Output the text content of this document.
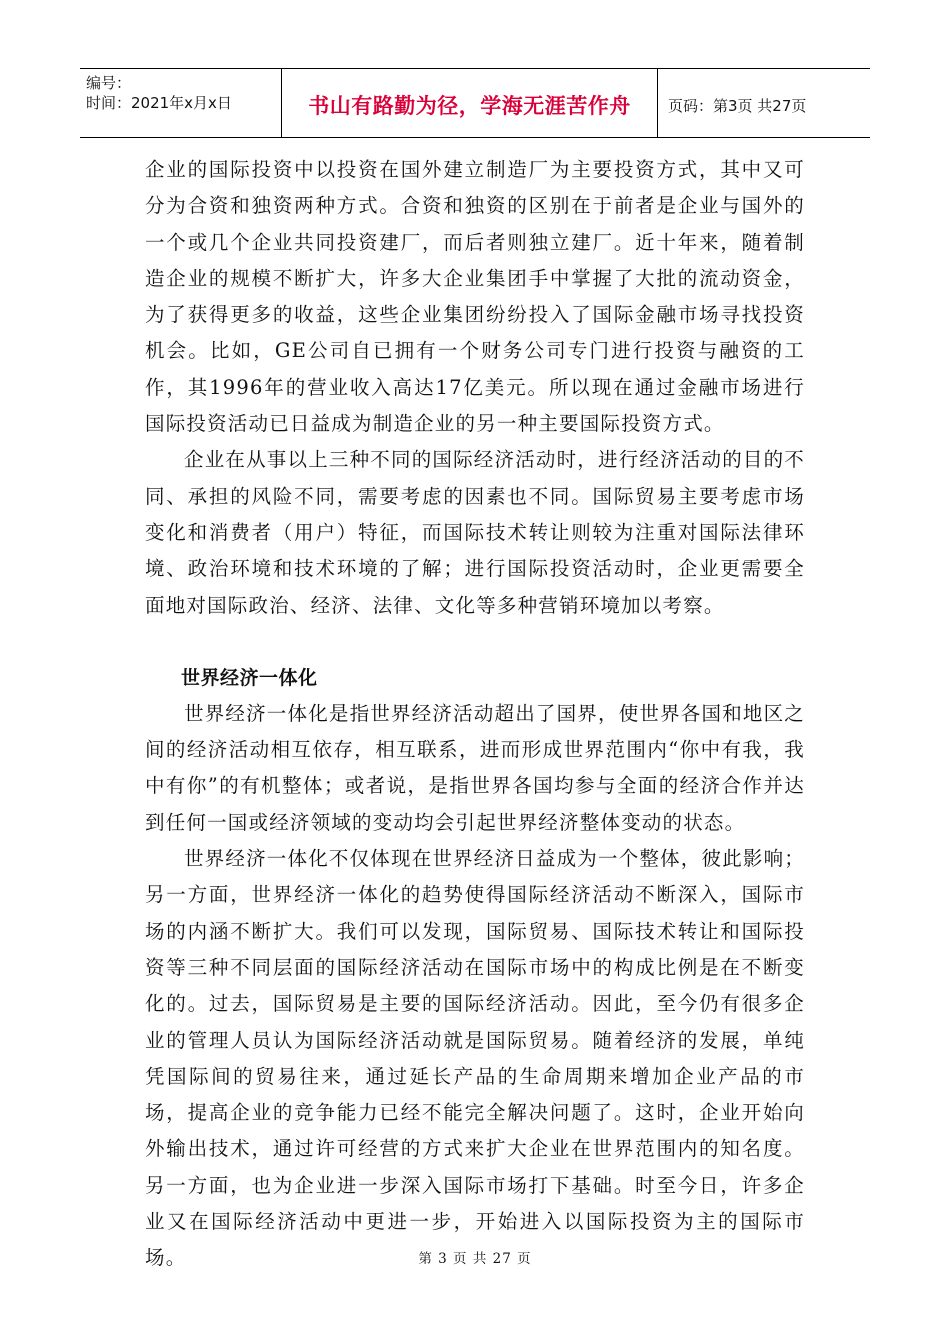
编号：
时间：2021年x月x日	书山有路勤为径，学海无涯苦作舟 页码：第3页 共27页

企业的国际投资中以投资在国外建立制造厂为主要投资方式，其中又可分为合资和独资两种方式。合资和独资的区别在于前者是企业与国外的一个或几个企业共同投资建厂，而后者则独立建厂。近十年来，随着制造企业的规模不断扩大，许多大企业集团手中掌握了大批的流动资金，为了获得更多的收益，这些企业集团纷纷投入了国际金融市场寻找投资机会。比如，GE公司自已拥有一个财务公司专门进行投资与融资的工作，其1996年的营业收入高达17亿美元。所以现在通过金融市场进行国际投资活动已日益成为制造企业的另一种主要国际投资方式。

企业在从事以上三种不同的国际经济活动时，进行经济活动的目的不同、承担的风险不同，需要考虑的因素也不同。国际贸易主要考虑市场变化和消费者（用户）特征，而国际技术转让则较为注重对国际法律环境、政治环境和技术环境的了解；进行国际投资活动时，企业更需要全面地对国际政治、经济、法律、文化等多种营销环境加以考察。

世界经济一体化

世界经济一体化是指世界经济活动超出了国界，使世界各国和地区之间的经济活动相互依存，相互联系，进而形成世界范围内“你中有我，我中有你”的有机整体；或者说，是指世界各国均参与全面的经济合作并达到任何一国或经济领域的变动均会引起世界经济整体变动的状态。

世界经济一体化不仅体现在世界经济日益成为一个整体，彼此影响；另一方面，世界经济一体化的趋势使得国际经济活动不断深入，国际市场的内涵不断扩大。我们可以发现，国际贸易、国际技术转让和国际投资等三种不同层面的国际经济活动在国际市场中的构成比例是在不断变化的。过去，国际贸易是主要的国际经济活动。因此，至今仍有很多企业的管理人员认为国际经济活动就是国际贸易。随着经济的发展，单纯凭国际间的贸易往来，通过延长产品的生命周期来增加企业产品的市场，提高企业的竞争能力已经不能完全解决问题了。这时，企业开始向外输出技术，通过许可经营的方式来扩大企业在世界范围内的知名度。另一方面，也为企业进一步深入国际市场打下基础。时至今日，许多企业又在国际经济活动中更进一步，开始进入以国际投资为主的国际市场。	第 3 页 共 27 页
